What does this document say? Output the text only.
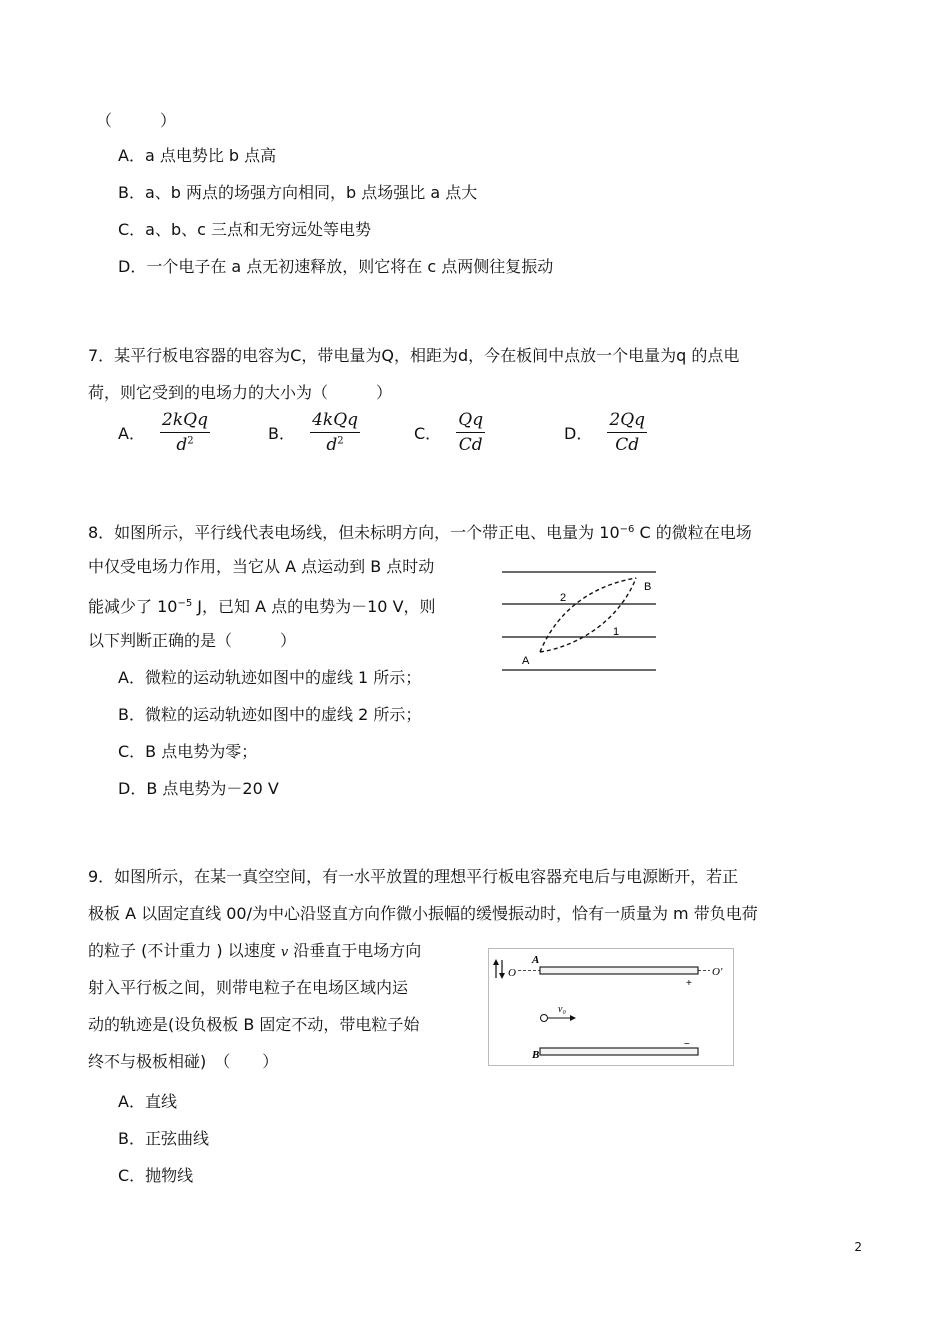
（　　　）
A．a 点电势比 b 点高
B．a、b 两点的场强方向相同，b 点场强比 a 点大
C．a、b、c 三点和无穷远处等电势
D．一个电子在 a 点无初速释放，则它将在 c 点两侧往复振动
7．某平行板电容器的电容为C，带电量为Q，相距为d，今在板间中点放一个电量为q 的点电
荷，则它受到的电场力的大小为（　　　）
A． $\frac{\text{2kQq}}{d^2}$	B． $\frac{\text{4kQq}}{d^2}$	C． $\frac{Qq}{Cd}$	D． $\frac{2Qq}{Cd}$
8．如图所示，平行线代表电场线，但未标明方向，一个带正电、电量为 $10^{-6}$ C 的微粒在电场
中仅受电场力作用，当它从 A 点运动到 B 点时动
能减少了 $10^{-5}$ J，已知 A 点的电势为－10 V，则
以下判断正确的是（　　　）
A
B
1
2
A．微粒的运动轨迹如图中的虚线 1 所示；
B．微粒的运动轨迹如图中的虚线 2 所示；
C．B 点电势为零；
D．B 点电势为－20 V
9．如图所示，在某一真空空间，有一水平放置的理想平行板电容器充电后与电源断开，若正
极板 A 以固定直线 00/为中心沿竖直方向作微小振幅的缓慢振动时，恰有一质量为 m 带负电荷
的粒子 (不计重力 ) 以速度 v 沿垂直于电场方向
射入平行板之间，则带电粒子在电场区域内运
动的轨迹是(设负极板 B 固定不动，带电粒子始
终不与极板相碰)　（　　）
O
A
+
O′
v₀
B
−
A．直线
B．正弦曲线
C．抛物线
2
